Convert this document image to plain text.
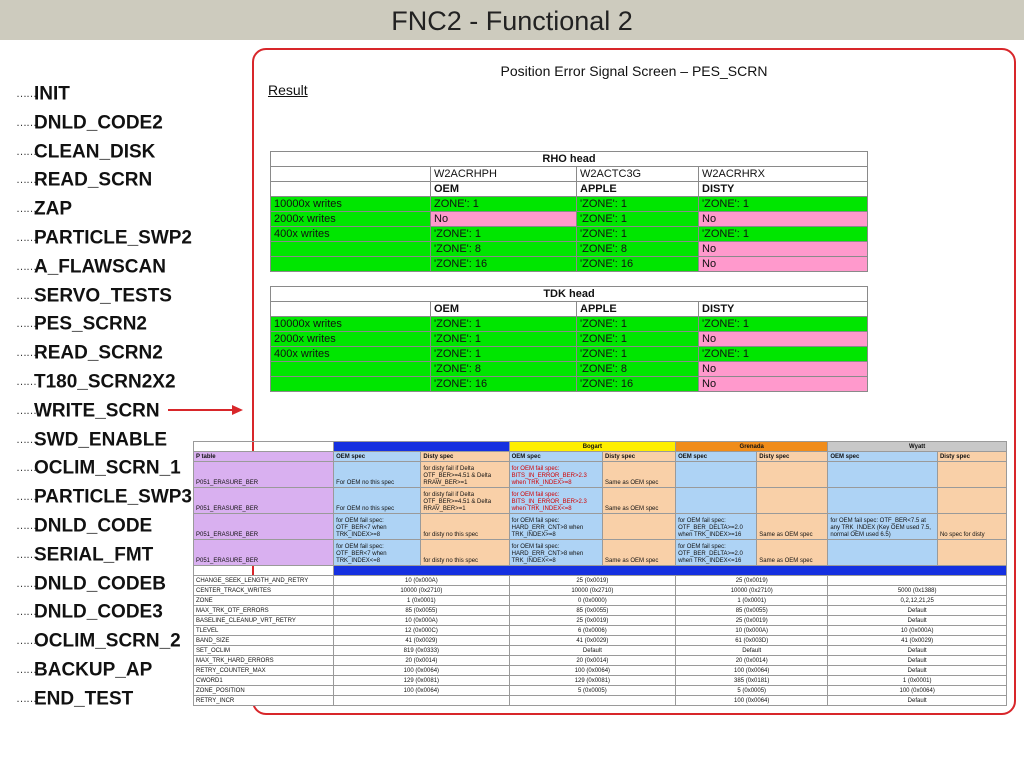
FNC2 - Functional 2
……INIT
……DNLD_CODE2
……CLEAN_DISK
……READ_SCRN
……ZAP
……PARTICLE_SWP2
……A_FLAWSCAN
……SERVO_TESTS
……PES_SCRN2
……READ_SCRN2
……T180_SCRN2X2
……WRITE_SCRN
……SWD_ENABLE
……OCLIM_SCRN_1
……PARTICLE_SWP3
……DNLD_CODE
……SERIAL_FMT
……DNLD_CODEB
……DNLD_CODE3
……OCLIM_SCRN_2
……BACKUP_AP
……END_TEST
Position Error Signal Screen – PES_SCRN
Result
RHO head			
	W2ACRHPH	W2ACTC3G	W2ACRHRX
	OEM	APPLE	DISTY
10000x writes	ZONE': 1	'ZONE': 1	'ZONE': 1
2000x writes	No	'ZONE': 1	No
400x writes	'ZONE': 1	'ZONE': 1	'ZONE': 1
	'ZONE': 8	'ZONE': 8	No
	'ZONE': 16	'ZONE': 16	No
TDK head			
	OEM	APPLE	DISTY
10000x writes	'ZONE': 1	'ZONE': 1	'ZONE': 1
2000x writes	'ZONE': 1	'ZONE': 1	No
400x writes	'ZONE': 1	'ZONE': 1	'ZONE': 1
	'ZONE': 8	'ZONE': 8	No
	'ZONE': 16	'ZONE': 16	No
			Bogart		Grenada		Wyatt	
P table	OEM spec	Disty spec	OEM spec	Disty spec	OEM spec	Disty spec	OEM spec	Disty spec
P051_ERASURE_BER	For OEM no this spec	for disty fail if Delta OTF_BER>=4.51 & Delta RRAW_BER>=1	for OEM fail spec: BITS_IN_ERROR_BER>2.3 when TRK_INDEX>=8	Same as OEM spec				
P051_ERASURE_BER	For OEM no this spec	for disty fail if Delta OTF_BER>=4.51 & Delta RRAV_BER>=1	for OEM fail spec: BITS_IN_ERROR_BER>2.3 when TRK_INDEX<=8	Same as OEM spec				
P051_ERASURE_BER	for OEM fail spec: OTF_BER<7 when TRK_INDEX>=8	for disty no this spec	for OEM fail spec: HARD_ERR_CNT>8 when TRK_INDEX>=8		for OEM fail spec: OTF_BER_DELTA>=2.0 when TRK_INDEX>=16	Same as OEM spec	for OEM fail spec: OTF_BER<7.5 at any TRK_INDEX (Key OEM used 7.5, normal OEM used 6.5)	No spec for disty
P051_ERASURE_BER	for OEM fail spec: OTF_BER<7 when TRK_INDEX<=8	for disty no this spec	for OEM fail spec: HARD_ERR_CNT>8 when TRK_INDEX<=8	Same as OEM spec	for OEM fail spec: OTF_BER_DELTA>=2.0 when TRK_INDEX<=16	Same as OEM spec		

CHANGE_SEEK_LENGTH_AND_RETRY	10 (0x000A)		25 (0x0019)		25 (0x0019)			
CENTER_TRACK_WRITES	10000 (0x2710)		10000 (0x2710)		10000 (0x2710)		5000 (0x1388)	
ZONE	1 (0x0001)		0 (0x0000)		1 (0x0001)		0,2,12,21,25	
MAX_TRK_OTF_ERRORS	85 (0x0055)		85 (0x0055)		85 (0x0055)		Default	
BASELINE_CLEANUP_VRT_RETRY	10 (0x000A)		25 (0x0019)		25 (0x0019)		Default	
TLEVEL	12 (0x000C)		6 (0x0006)		10 (0x000A)		10 (0x000A)	
BAND_SIZE	41 (0x0029)		41 (0x0029)		61 (0x003D)		41 (0x0029)	
SET_OCLIM	819 (0x0333)		Default		Default		Default	
MAX_TRK_HARD_ERRORS	20 (0x0014)		20 (0x0014)		20 (0x0014)		Default	
RETRY_COUNTER_MAX	100 (0x0064)		100 (0x0064)		100 (0x0064)		Default	
CWORD1	129 (0x0081)		129 (0x0081)		385 (0x0181)		1 (0x0001)	
ZONE_POSITION	100 (0x0064)		5 (0x0005)		5 (0x0005)		100 (0x0064)	
RETRY_INCR					100 (0x0064)		Default	
